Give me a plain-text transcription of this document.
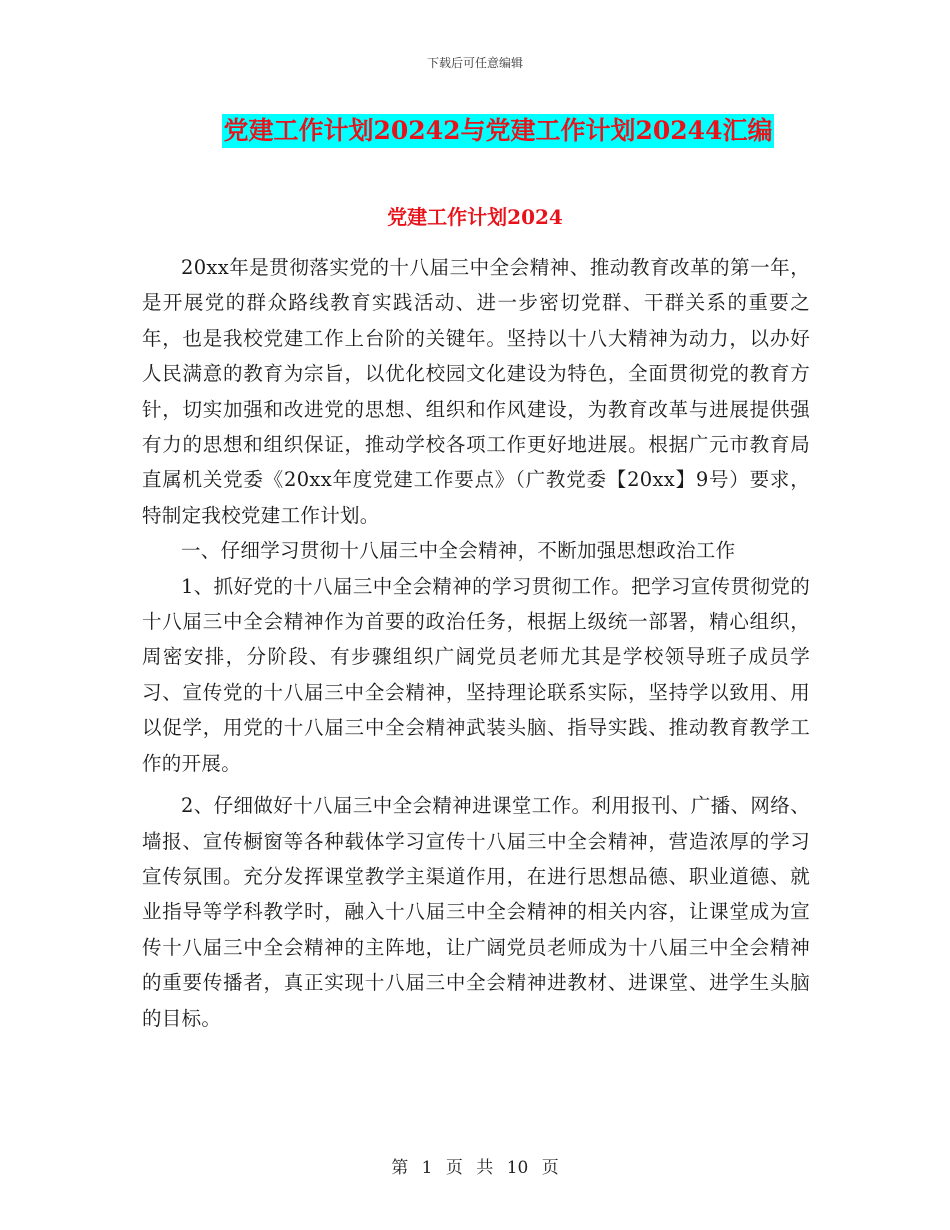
下载后可任意编辑
党建工作计划20242与党建工作计划20244汇编
党建工作计划2024

20xx年是贯彻落实党的十八届三中全会精神、推动教育改革的第一年，是开展党的群众路线教育实践活动、进一步密切党群、干群关系的重要之年，也是我校党建工作上台阶的关键年。坚持以十八大精神为动力，以办好人民满意的教育为宗旨，以优化校园文化建设为特色，全面贯彻党的教育方针，切实加强和改进党的思想、组织和作风建设，为教育改革与进展提供强有力的思想和组织保证，推动学校各项工作更好地进展。根据广元市教育局直属机关党委《20xx年度党建工作要点》（广教党委【20xx】9号）要求，特制定我校党建工作计划。

一、仔细学习贯彻十八届三中全会精神，不断加强思想政治工作

1、抓好党的十八届三中全会精神的学习贯彻工作。把学习宣传贯彻党的十八届三中全会精神作为首要的政治任务，根据上级统一部署，精心组织，周密安排，分阶段、有步骤组织广阔党员老师尤其是学校领导班子成员学习、宣传党的十八届三中全会精神，坚持理论联系实际，坚持学以致用、用以促学，用党的十八届三中全会精神武装头脑、指导实践、推动教育教学工作的开展。

2、仔细做好十八届三中全会精神进课堂工作。利用报刊、广播、网络、墙报、宣传橱窗等各种载体学习宣传十八届三中全会精神，营造浓厚的学习宣传氛围。充分发挥课堂教学主渠道作用，在进行思想品德、职业道德、就业指导等学科教学时，融入十八届三中全会精神的相关内容，让课堂成为宣传十八届三中全会精神的主阵地，让广阔党员老师成为十八届三中全会精神的重要传播者，真正实现十八届三中全会精神进教材、进课堂、进学生头脑的目标。

第 1 页 共 10 页
